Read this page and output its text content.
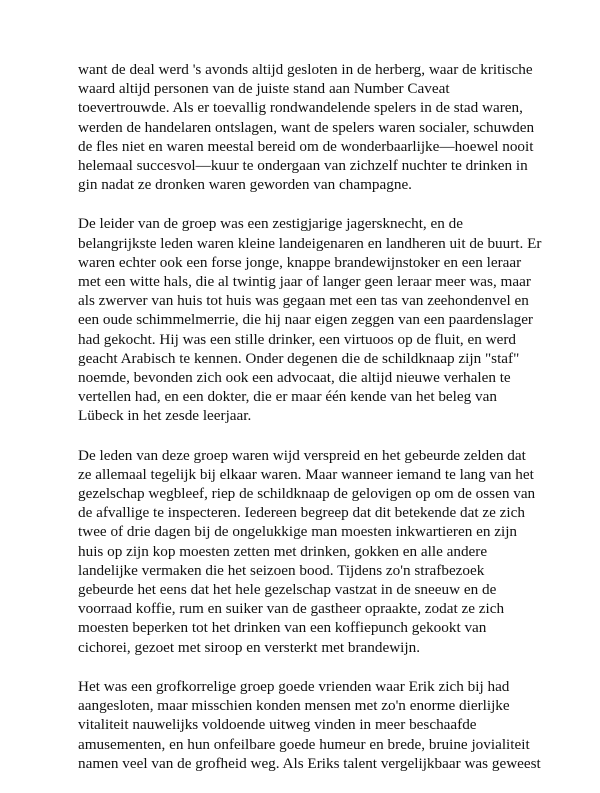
want de deal werd 's avonds altijd gesloten in de herberg, waar de kritische
waard altijd personen van de juiste stand aan Number Caveat
toevertrouwde. Als er toevallig rondwandelende spelers in de stad waren,
werden de handelaren ontslagen, want de spelers waren socialer, schuwden
de fles niet en waren meestal bereid om de wonderbaarlijke—hoewel nooit
helemaal succesvol—kuur te ondergaan van zichzelf nuchter te drinken in
gin nadat ze dronken waren geworden van champagne.

De leider van de groep was een zestigjarige jagersknecht, en de
belangrijkste leden waren kleine landeigenaren en landheren uit de buurt. Er
waren echter ook een forse jonge, knappe brandewijnstoker en een leraar
met een witte hals, die al twintig jaar of langer geen leraar meer was, maar
als zwerver van huis tot huis was gegaan met een tas van zeehondenvel en
een oude schimmelmerrie, die hij naar eigen zeggen van een paardenslager
had gekocht. Hij was een stille drinker, een virtuoos op de fluit, en werd
geacht Arabisch te kennen. Onder degenen die de schildknaap zijn "staf"
noemde, bevonden zich ook een advocaat, die altijd nieuwe verhalen te
vertellen had, en een dokter, die er maar één kende van het beleg van
Lübeck in het zesde leerjaar.

De leden van deze groep waren wijd verspreid en het gebeurde zelden dat
ze allemaal tegelijk bij elkaar waren. Maar wanneer iemand te lang van het
gezelschap wegbleef, riep de schildknaap de gelovigen op om de ossen van
de afvallige te inspecteren. Iedereen begreep dat dit betekende dat ze zich
twee of drie dagen bij de ongelukkige man moesten inkwartieren en zijn
huis op zijn kop moesten zetten met drinken, gokken en alle andere
landelijke vermaken die het seizoen bood. Tijdens zo'n strafbezoek
gebeurde het eens dat het hele gezelschap vastzat in de sneeuw en de
voorraad koffie, rum en suiker van de gastheer opraakte, zodat ze zich
moesten beperken tot het drinken van een koffiepunch gekookt van
cichorei, gezoet met siroop en versterkt met brandewijn.

Het was een grofkorrelige groep goede vrienden waar Erik zich bij had
aangesloten, maar misschien konden mensen met zo'n enorme dierlijke
vitaliteit nauwelijks voldoende uitweg vinden in meer beschaafde
amusementen, en hun onfeilbare goede humeur en brede, bruine jovialiteit
namen veel van de grofheid weg. Als Eriks talent vergelijkbaar was geweest
